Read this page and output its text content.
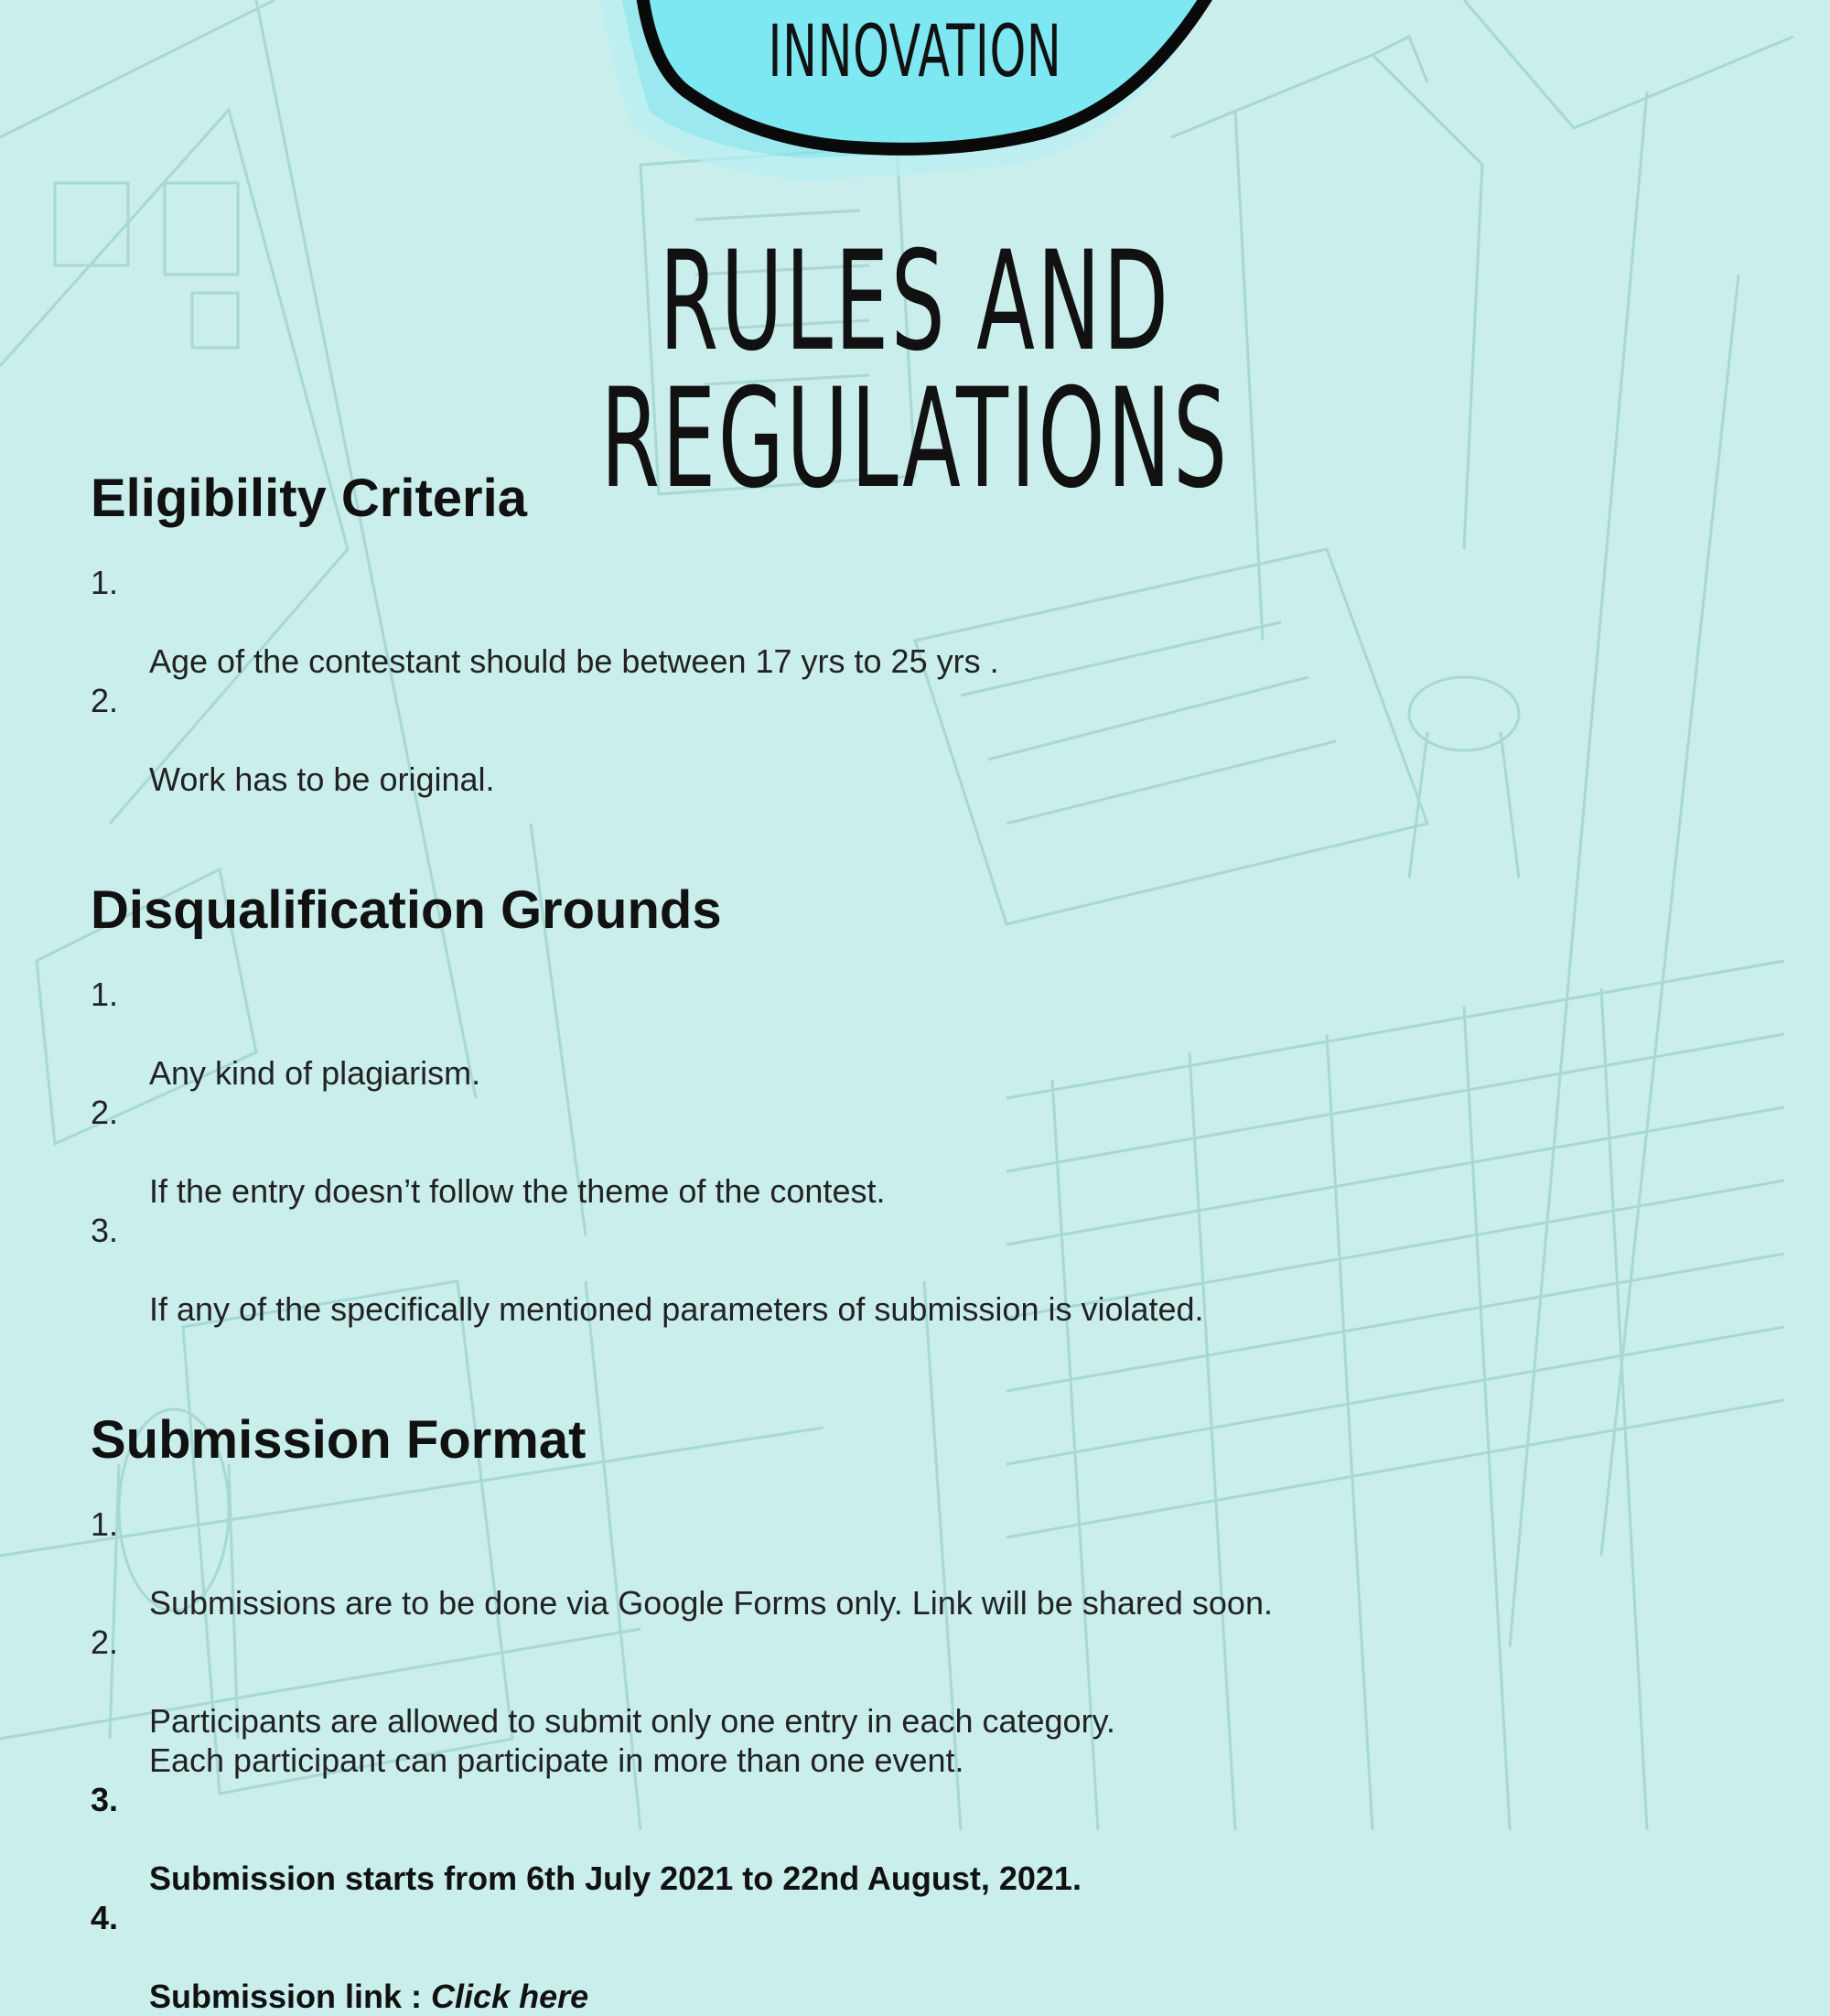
INNOVATION
RULES AND REGULATIONS
Eligibility Criteria

1.

Age of the contestant should be between 17 yrs to 25 yrs .

2.

Work has to be original.

Disqualification Grounds

1.

Any kind of plagiarism.

2.

If the entry doesn’t follow the theme of the contest.

3.

If any of the specifically mentioned parameters of submission is violated.

Submission Format

1.

Submissions are to be done via Google Forms only. Link will be shared soon.

2.

Participants are allowed to submit only one entry in each category.
Each participant can participate in more than one event.

3.

Submission starts from 6th July 2021 to 22nd August, 2021.

4.

Submission link : Click here
